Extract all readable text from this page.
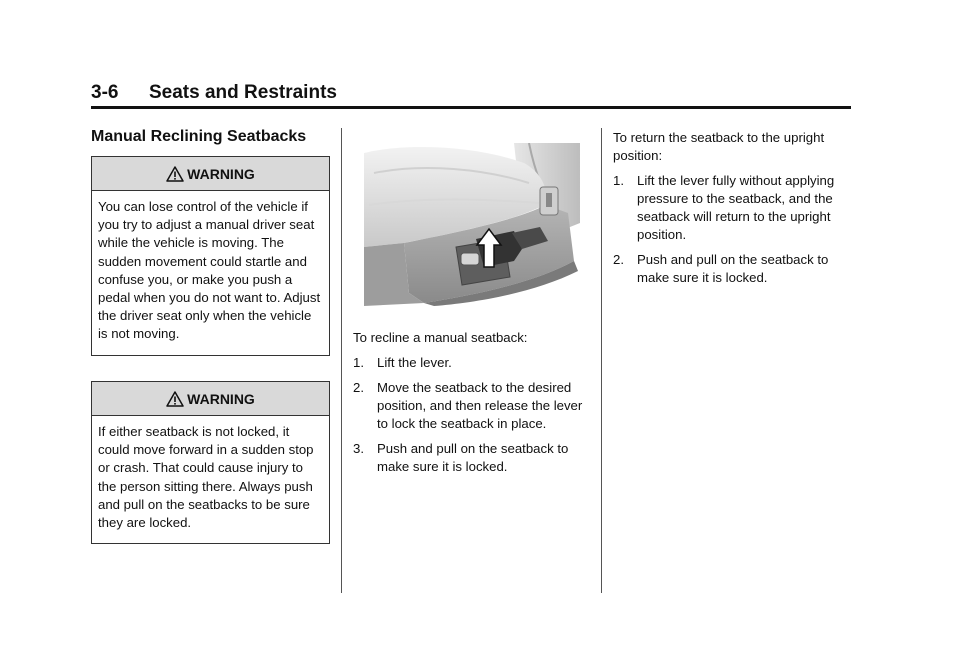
3-6 Seats and Restraints
Manual Reclining Seatbacks
WARNING
You can lose control of the vehicle if you try to adjust a manual driver seat while the vehicle is moving. The sudden movement could startle and confuse you, or make you push a pedal when you do not want to. Adjust the driver seat only when the vehicle is not moving.
WARNING
If either seatback is not locked, it could move forward in a sudden stop or crash. That could cause injury to the person sitting there. Always push and pull on the seatbacks to be sure they are locked.

To recline a manual seatback:

1. Lift the lever.
2. Move the seatback to the desired position, and then release the lever to lock the seatback in place.
3. Push and pull on the seatback to make sure it is locked.

To return the seatback to the upright position:

1. Lift the lever fully without applying pressure to the seatback, and the seatback will return to the upright position.
2. Push and pull on the seatback to make sure it is locked.
